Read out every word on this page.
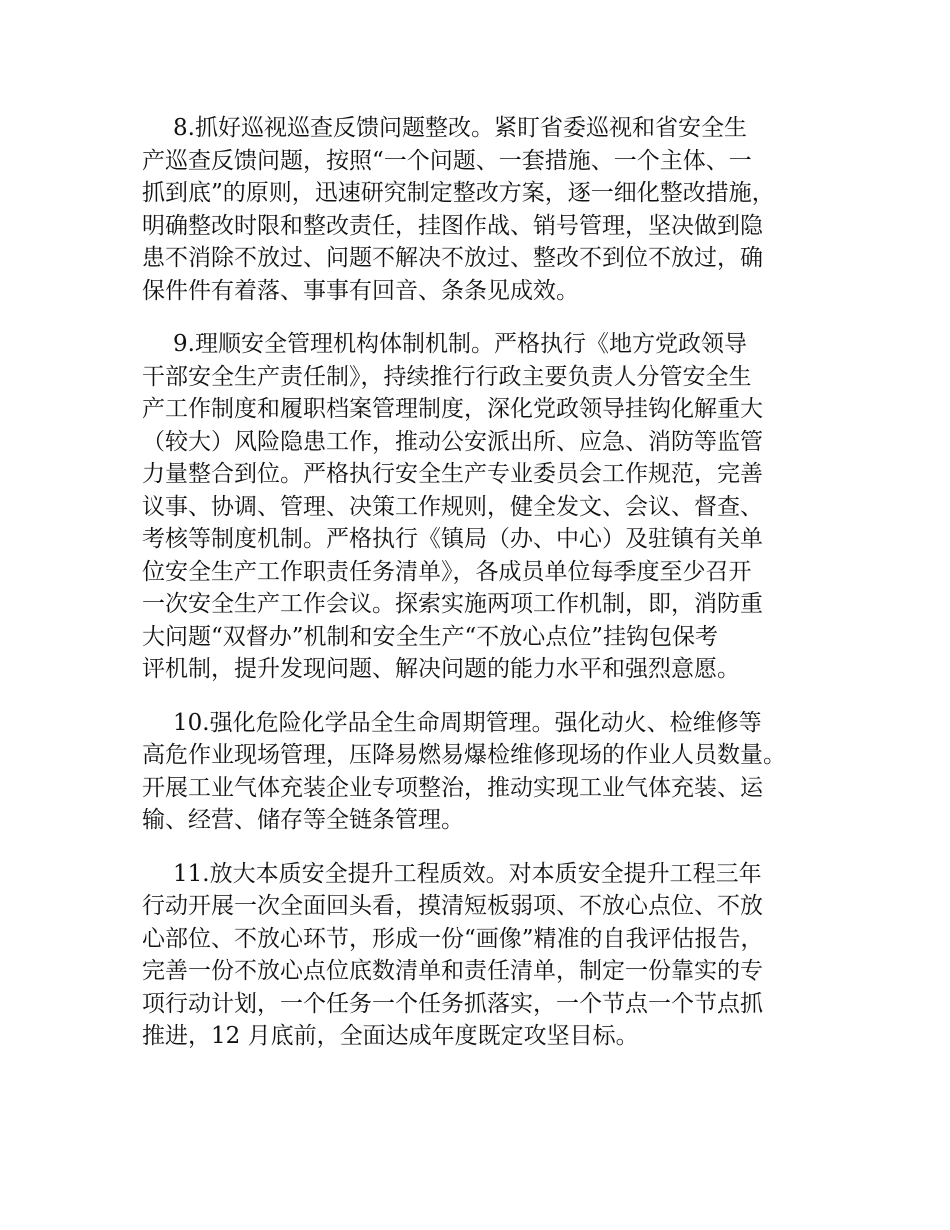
8.抓好巡视巡查反馈问题整改。紧盯省委巡视和省安全生
产巡查反馈问题，按照“一个问题、一套措施、一个主体、一
抓到底”的原则，迅速研究制定整改方案，逐一细化整改措施，
明确整改时限和整改责任，挂图作战、销号管理，坚决做到隐
患不消除不放过、问题不解决不放过、整改不到位不放过，确
保件件有着落、事事有回音、条条见成效。
9.理顺安全管理机构体制机制。严格执行《地方党政领导
干部安全生产责任制》，持续推行行政主要负责人分管安全生
产工作制度和履职档案管理制度，深化党政领导挂钩化解重大
（较大）风险隐患工作，推动公安派出所、应急、消防等监管
力量整合到位。严格执行安全生产专业委员会工作规范，完善
议事、协调、管理、决策工作规则，健全发文、会议、督查、
考核等制度机制。严格执行《镇局（办、中心）及驻镇有关单
位安全生产工作职责任务清单》，各成员单位每季度至少召开
一次安全生产工作会议。探索实施两项工作机制，即，消防重
大问题“双督办”机制和安全生产“不放心点位”挂钩包保考
评机制，提升发现问题、解决问题的能力水平和强烈意愿。
10.强化危险化学品全生命周期管理。强化动火、检维修等
高危作业现场管理，压降易燃易爆检维修现场的作业人员数量。
开展工业气体充装企业专项整治，推动实现工业气体充装、运
输、经营、储存等全链条管理。
11.放大本质安全提升工程质效。对本质安全提升工程三年
行动开展一次全面回头看，摸清短板弱项、不放心点位、不放
心部位、不放心环节，形成一份“画像”精准的自我评估报告，
完善一份不放心点位底数清单和责任清单，制定一份靠实的专
项行动计划，一个任务一个任务抓落实，一个节点一个节点抓
推进，12 月底前，全面达成年度既定攻坚目标。
